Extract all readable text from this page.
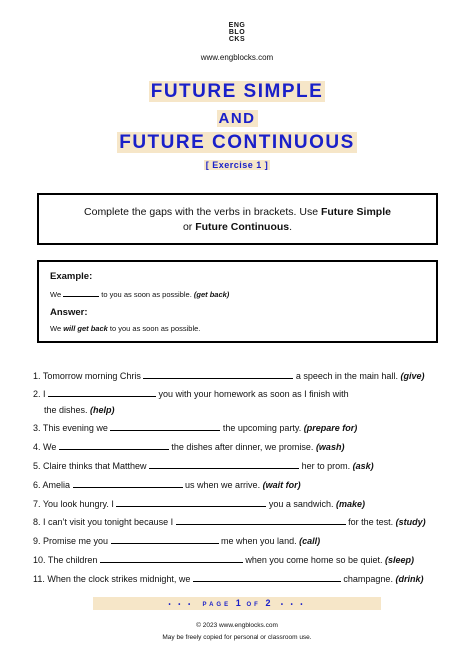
ENG
BLO
CKS
www.engblocks.com
FUTURE SIMPLE
AND
FUTURE CONTINUOUS
[ Exercise 1 ]
Complete the gaps with the verbs in brackets. Use Future Simple
or Future Continuous.
Example:
We	to you as soon as possible. (get back)
Answer:
We will get back to you as soon as possible.
1. Tomorrow morning Chris	a speech in the main hall. (give)
2. I	you with your homework as soon as I finish with
the dishes. (help)
3. This evening we	the upcoming party. (prepare for)
4. We	the dishes after dinner, we promise. (wash)
5. Claire thinks that Matthew	her to prom. (ask)
6. Amelia	us when we arrive. (wait for)
7. You look hungry. I	you a sandwich. (make)
8. I can’t visit you tonight because I	for the test. (study)
9. Promise me you	me when you land. (call)
10. The children	when you come home so be quiet. (sleep)
11. When the clock strikes midnight, we	champagne. (drink)
• • • PAGE 1 OF 2 • • •
© 2023 www.engblocks.com
May be freely copied for personal or classroom use.
